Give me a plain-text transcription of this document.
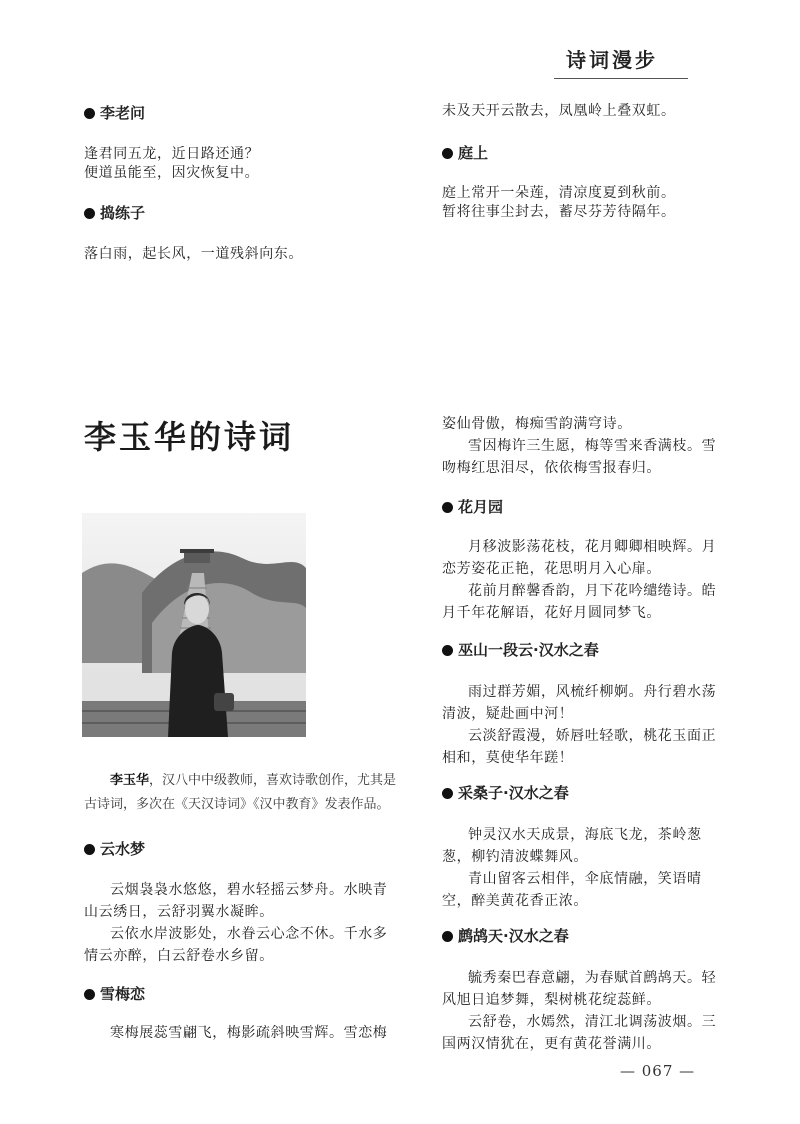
诗词漫步
李老问
逢君同五龙，近日路还通？
便道虽能至，因灾恢复中。
捣练子
落白雨，起长风，一道残斜向东。
未及天开云散去，凤凰岭上叠双虹。
庭上
庭上常开一朵莲，清凉度夏到秋前。
暂将往事尘封去，蓄尽芬芳待隔年。
李玉华的诗词
李玉华，汉八中中级教师，喜欢诗歌创作，尤其是
古诗词，多次在《天汉诗词》《汉中教育》发表作品。
云水梦
云烟袅袅水悠悠，碧水轻摇云梦舟。水映青
山云绣日，云舒羽翼水凝眸。
云依水岸波影处，水眷云心念不休。千水多
情云亦醉，白云舒卷水乡留。
雪梅恋
寒梅展蕊雪翩飞，梅影疏斜映雪辉。雪恋梅
姿仙骨傲，梅痴雪韵满穹诗。
雪因梅许三生愿，梅等雪来香满枝。雪
吻梅红思泪尽，依依梅雪报春归。
花月园
月移波影荡花枝，花月卿卿相映辉。月
恋芳姿花正艳，花思明月入心扉。
花前月醉馨香韵，月下花吟缱绻诗。皓
月千年花解语，花好月圆同梦飞。
巫山一段云·汉水之春
雨过群芳媚，风梳纤柳婀。舟行碧水荡
清波，疑赴画中河！
云淡舒霞漫，娇唇吐轻歌，桃花玉面正
相和，莫使华年蹉！
采桑子·汉水之春
钟灵汉水天成景，海底飞龙，茶岭葱
葱，柳钓清波蝶舞风。
青山留客云相伴，伞底情融，笑语晴
空，醉美黄花香正浓。
鹧鸪天·汉水之春
毓秀秦巴春意翩，为春赋首鹧鸪天。轻
风旭日追梦舞，梨树桃花绽蕊鲜。
云舒卷，水嫣然，清江北调荡波烟。三
国两汉情犹在，更有黄花誉满川。
— 067 —
